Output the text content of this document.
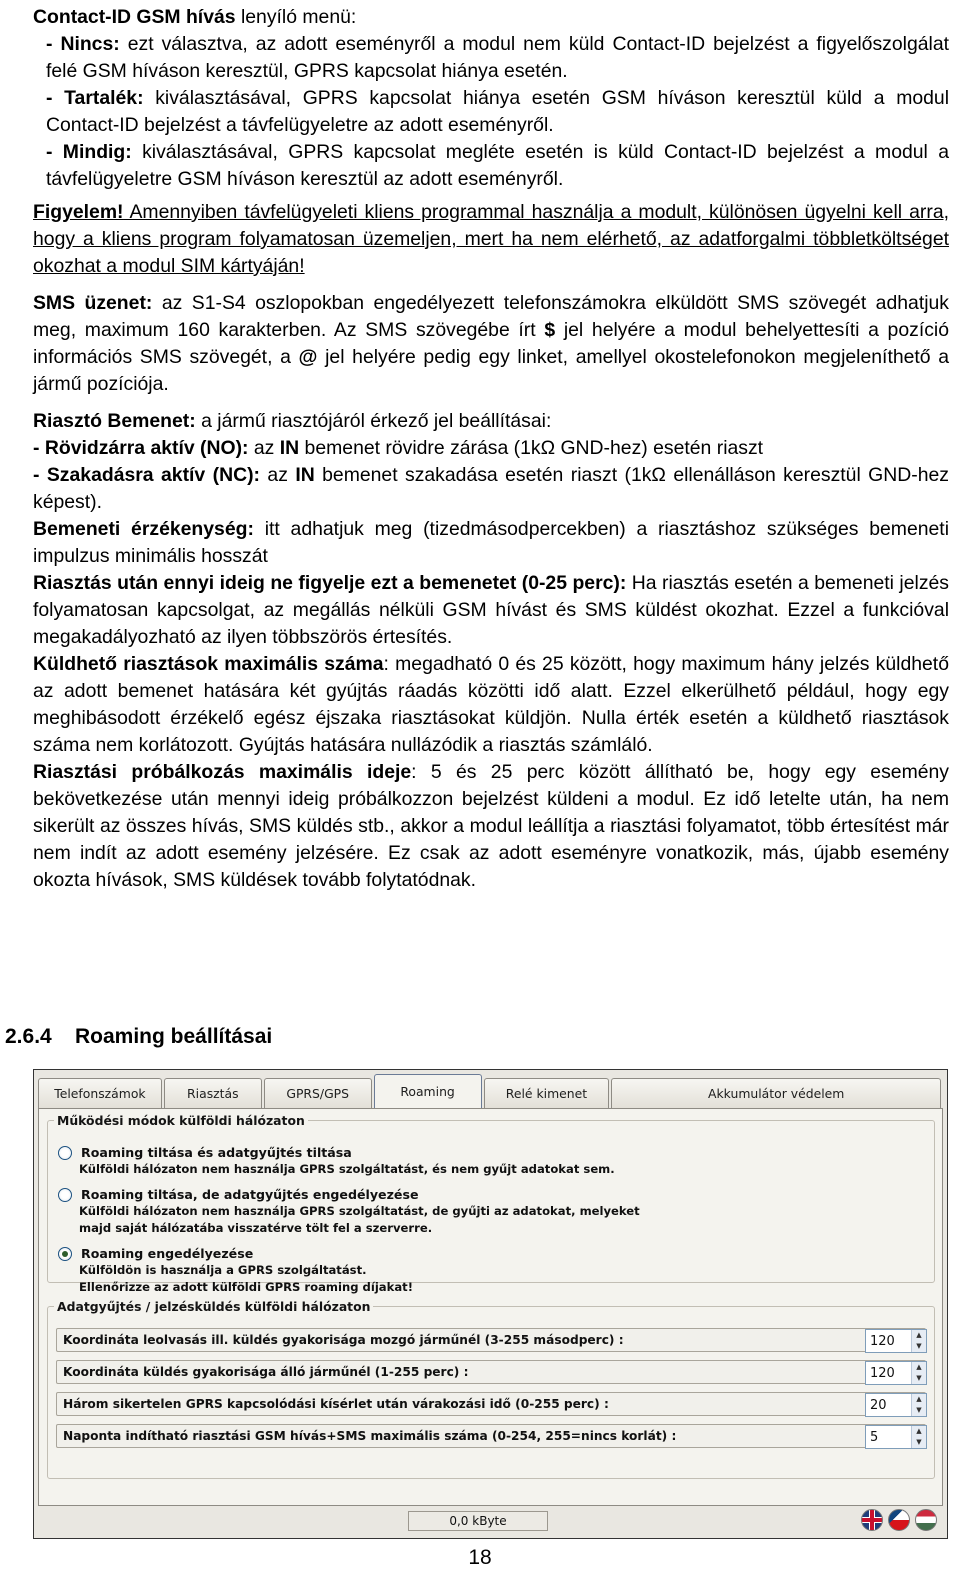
Contact-ID GSM hívás lenyíló menü:

- Nincs: ezt választva, az adott eseményről a modul nem küld Contact-ID bejelzést a figyelőszolgálat felé GSM híváson keresztül, GPRS kapcsolat hiánya esetén.

- Tartalék: kiválasztásával, GPRS kapcsolat hiánya esetén GSM híváson keresztül küld a modul Contact-ID bejelzést a távfelügyeletre az adott eseményről.

- Mindig: kiválasztásával, GPRS kapcsolat megléte esetén is küld Contact-ID bejelzést a modul a távfelügyeletre GSM híváson keresztül az adott eseményről.

Figyelem! Amennyiben távfelügyeleti kliens programmal használja a modult, különösen ügyelni kell arra, hogy a kliens program folyamatosan üzemeljen, mert ha nem elérhető, az adatforgalmi többletköltséget okozhat a modul SIM kártyáján!

SMS üzenet: az S1-S4 oszlopokban engedélyezett telefonszámokra elküldött SMS szövegét adhatjuk meg, maximum 160 karakterben. Az SMS szövegébe írt $ jel helyére a modul behelyettesíti a pozíció információs SMS szövegét, a @ jel helyére pedig egy linket, amellyel okostelefonokon megjeleníthető a jármű pozíciója.

Riasztó Bemenet: a jármű riasztójáról érkező jel beállításai:

- Rövidzárra aktív (NO): az IN bemenet rövidre zárása (1kΩ GND-hez) esetén riaszt

- Szakadásra aktív (NC): az IN bemenet szakadása esetén riaszt (1kΩ ellenálláson keresztül GND-hez képest).

Bemeneti érzékenység: itt adhatjuk meg (tizedmásodpercekben) a riasztáshoz szükséges bemeneti impulzus minimális hosszát

Riasztás után ennyi ideig ne figyelje ezt a bemenetet (0-25 perc): Ha riasztás esetén a bemeneti jelzés folyamatosan kapcsolgat, az megállás nélküli GSM hívást és SMS küldést okozhat. Ezzel a funkcióval megakadályozható az ilyen többszörös értesítés.

Küldhető riasztások maximális száma: megadható 0 és 25 között, hogy maximum hány jelzés küldhető az adott bemenet hatására két gyújtás ráadás közötti idő alatt. Ezzel elkerülhető például, hogy egy meghibásodott érzékelő egész éjszaka riasztásokat küldjön. Nulla érték esetén a küldhető riasztások száma nem korlátozott. Gyújtás hatására nullázódik a riasztás számláló.

Riasztási próbálkozás maximális ideje: 5 és 25 perc között állítható be, hogy egy esemény bekövetkezése után mennyi ideig próbálkozzon bejelzést küldeni a modul. Ez idő letelte után, ha nem sikerült az összes hívás, SMS küldés stb., akkor a modul leállítja a riasztási folyamatot, több értesítést már nem indít az adott esemény jelzésére. Ez csak az adott eseményre vonatkozik, más, újabb esemény okozta hívások, SMS küldések tovább folytatódnak.

2.6.4 Roaming beállításai
Telefonszámok	Riasztás	GPRS/GPS	Roaming	Relé kimenet	Akkumulátor védelem
Működési módok külföldi hálózaton
Roaming tiltása és adatgyűjtés tiltása
Külföldi hálózaton nem használja GPRS szolgáltatást, és nem gyűjt adatokat sem.
Roaming tiltása, de adatgyűjtés engedélyezése
Külföldi hálózaton nem használja GPRS szolgáltatást, de gyűjti az adatokat, melyeket
majd saját hálózatába visszatérve tölt fel a szerverre.
Roaming engedélyezése
Külföldön is használja a GPRS szolgáltatást.
Ellenőrizze az adott külföldi GPRS roaming díjakat!
Adatgyűjtés / jelzésküldés külföldi hálózaton
Koordináta leolvasás ill. küldés gyakorisága mozgó járműnél (3-255 másodperc) :	120	▲
▼
Koordináta küldés gyakorisága álló járműnél (1-255 perc) :	120	▲
▼
Három sikertelen GPRS kapcsolódási kísérlet után várakozási idő (0-255 perc) :	20	▲
▼
Naponta indítható riasztási GSM hívás+SMS maximális száma (0-254, 255=nincs korlát) :	5	▲
▼
0,0 kByte
18
